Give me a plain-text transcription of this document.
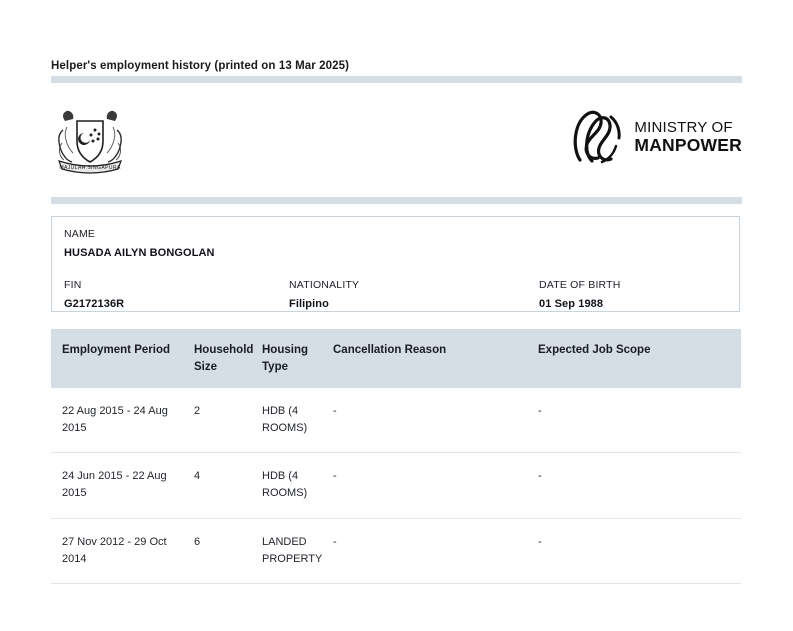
Helper's employment history (printed on 13 Mar 2025)
MAJULAH SINGAPURA
MINISTRY OF
MANPOWER
NAME
HUSADA AILYN BONGOLAN
FIN
G2172136R
NATIONALITY
Filipino
DATE OF BIRTH
01 Sep 1988
Employment Period	Household Size	Housing Type	Cancellation Reason	Expected Job Scope
22 Aug 2015 - 24 Aug 2015	2	HDB (4 ROOMS)	-	-
24 Jun 2015 - 22 Aug 2015	4	HDB (4 ROOMS)	-	-
27 Nov 2012 - 29 Oct 2014	6	LANDED PROPERTY	-	-
